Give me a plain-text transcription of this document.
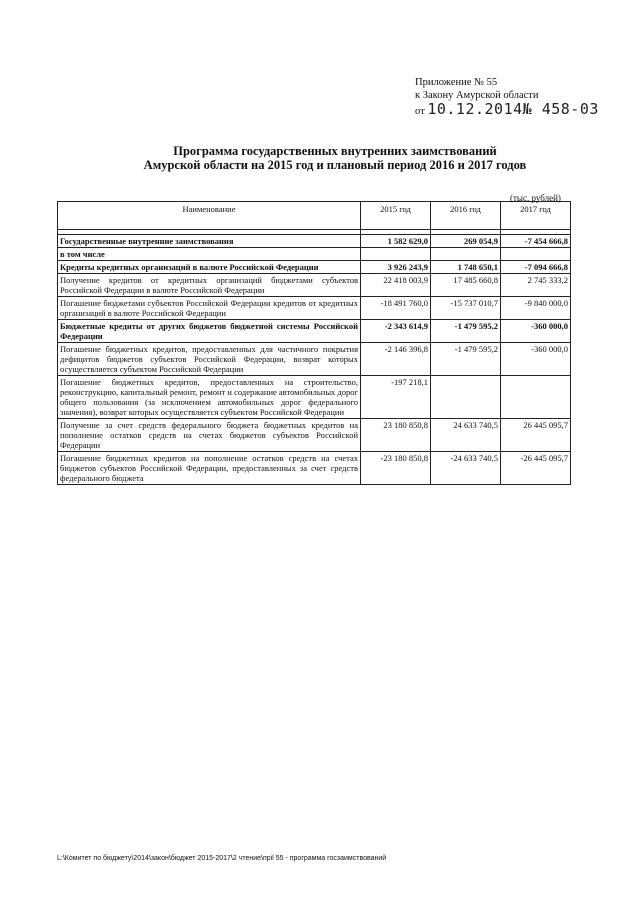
Приложение № 55
к Закону Амурской области
от 10.12.2014№ 458-03
Программа государственных внутренних заимствований
Амурской области на 2015 год и плановый период 2016 и 2017 годов
(тыс. рублей)
Наименование	2015 год	2016 год	2017 год

Государственные внутренние заимствования	1 582 629,0	269 054,9	-7 454 666,8
в том числе			
Кредиты кредитных организаций в валюте Российской Федерации	3 926 243,9	1 748 650,1	-7 094 666,8
Получение кредитов от кредитных организаций бюджетами субъектов Российской Федерации в валюте Российской Федерации	22 418 003,9	17 485 660,8	2 745 333,2
Погашение бюджетами субъектов Российской Федерации кредитов от кредитных организаций в валюте Российской Федерации	-18 491 760,0	-15 737 010,7	-9 840 000,0
Бюджетные кредиты от других бюджетов бюджетной системы Российской Федерации	-2 343 614,9	-1 479 595,2	-360 000,0
Погашение бюджетных кредитов, предоставленных для частичного покрытия дефицитов бюджетов субъектов Российской Федерации, возврат которых осуществляется субъектом Российской Федерации	-2 146 396,8	-1 479 595,2	-360 000,0
Погашение бюджетных кредитов, предоставленных на строительство, реконструкцию, капитальный ремонт, ремонт и содержание автомобильных дорог общего пользования (за исключением автомобильных дорог федерального значения), возврат которых осуществляется субъектом Российской Федерации	-197 218,1		
Получение за счет средств федерального бюджета бюджетных кредитов на пополнение остатков средств на счетах бюджетов субъектов Российской Федерации	23 180 850,8	24 633 740,5	26 445 095,7
Погашение бюджетных кредитов на пополнение остатков средств на счетах бюджетов субъектов Российской Федерации, предоставленных за счет средств федерального бюджета	-23 180 850,8	-24 633 740,5	-26 445 095,7
L:\Комитет по бюджету\2014\закон\бюджет 2015-2017\2 чтение\прil 55 - программа госзаимствований
